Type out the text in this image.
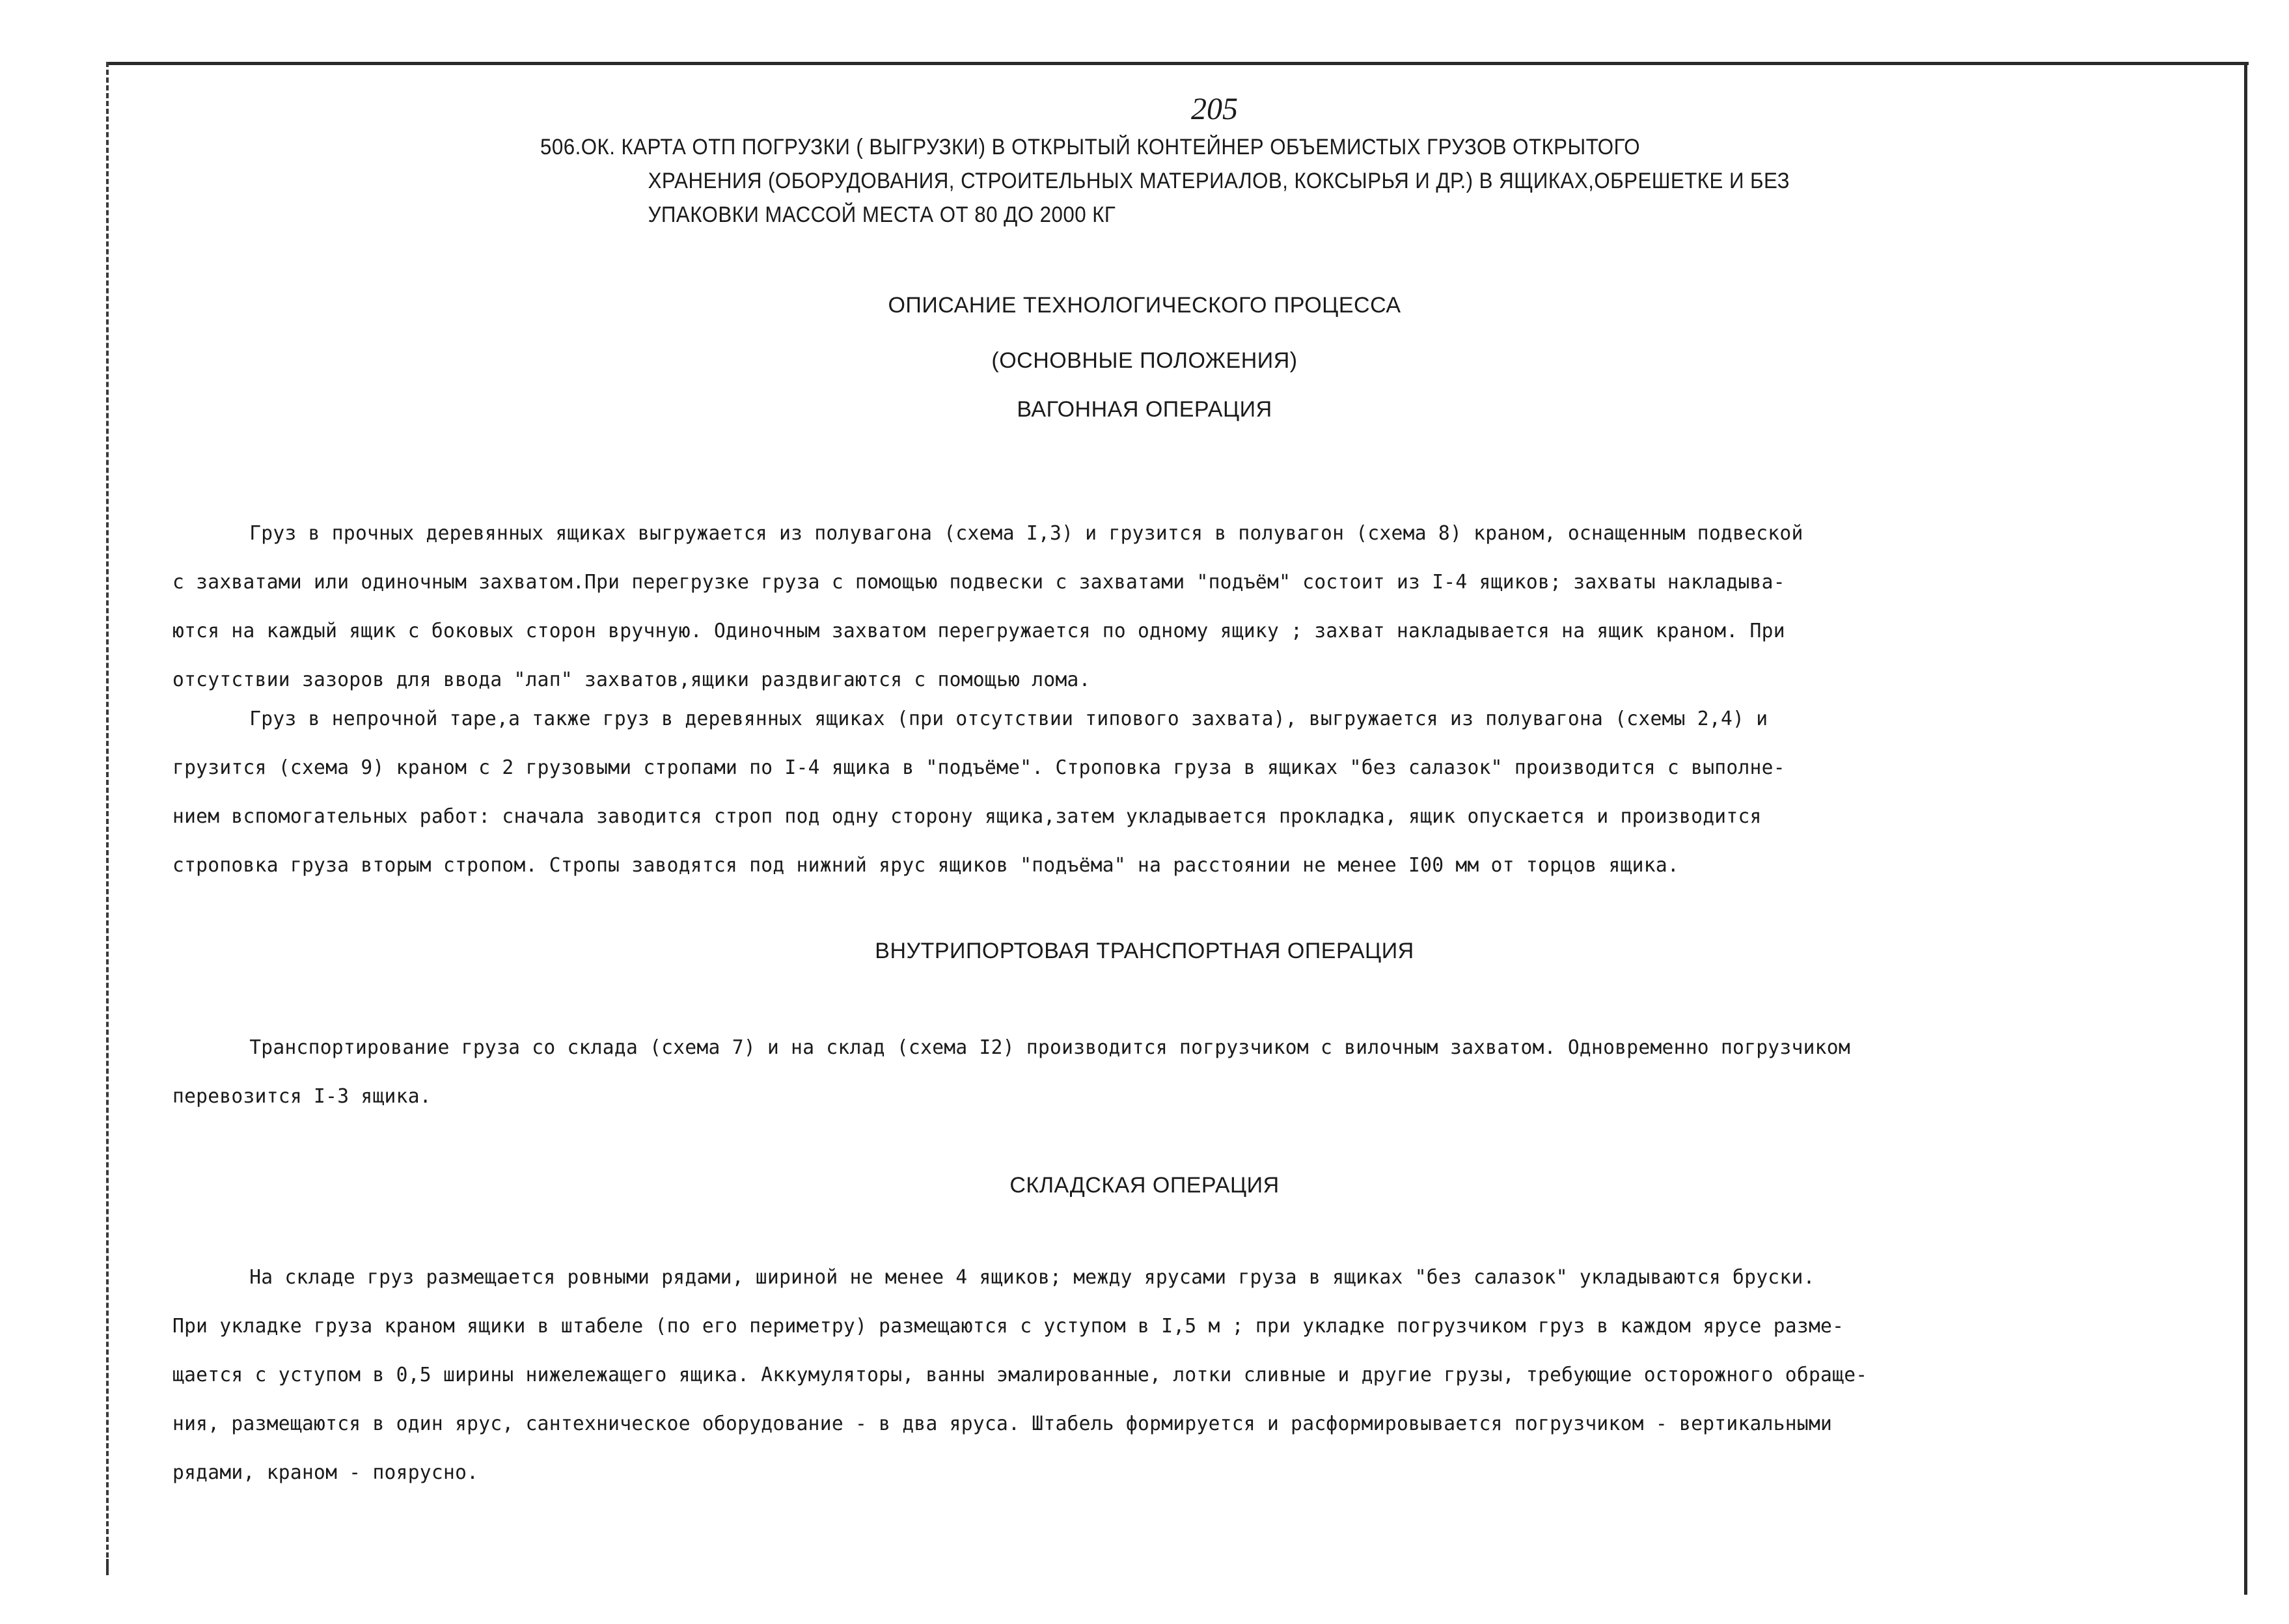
205
506.ОК. КАРТА ОТП ПОГРУЗКИ ( ВЫГРУЗКИ) В ОТКРЫТЫЙ КОНТЕЙНЕР ОБЪЕМИСТЫХ ГРУЗОВ ОТКРЫТОГО
ХРАНЕНИЯ (ОБОРУДОВАНИЯ, СТРОИТЕЛЬНЫХ МАТЕРИАЛОВ, КОКСЫРЬЯ И ДР.) В ЯЩИКАХ,ОБРЕШЕТКЕ И БЕЗ
УПАКОВКИ МАССОЙ МЕСТА ОТ 80 ДО 2000 КГ
ОПИСАНИЕ ТЕХНОЛОГИЧЕСКОГО ПРОЦЕССА
(ОСНОВНЫЕ ПОЛОЖЕНИЯ)
ВАГОННАЯ ОПЕРАЦИЯ
Груз в прочных деревянных ящиках выгружается из полувагона (схема I,3) и грузится в полувагон (схема 8) краном, оснащенным подвеской
с захватами или одиночным захватом.При перегрузке груза с помощью подвески с захватами "подъём" состоит из I-4 ящиков; захваты накладыва-
ются на каждый ящик с боковых сторон вручную. Одиночным захватом перегружается по одному ящику ; захват накладывается на ящик краном. При
отсутствии зазоров для ввода "лап" захватов,ящики раздвигаются с помощью лома.
Груз в непрочной таре,а также груз в деревянных ящиках (при отсутствии типового захвата), выгружается из полувагона (схемы 2,4) и
грузится (схема 9) краном с 2 грузовыми стропами по I-4 ящика в "подъёме". Строповка груза в ящиках "без салазок" производится с выполне-
нием вспомогательных работ: сначала заводится строп под одну сторону ящика,затем укладывается прокладка, ящик опускается и производится
строповка груза вторым стропом. Стропы заводятся под нижний ярус ящиков "подъёма" на расстоянии не менее I00 мм от торцов ящика.
ВНУТРИПОРТОВАЯ ТРАНСПОРТНАЯ ОПЕРАЦИЯ
Транспортирование груза со склада (схема 7) и на склад (схема I2) производится погрузчиком с вилочным захватом. Одновременно погрузчиком
перевозится I-3 ящика.
СКЛАДСКАЯ ОПЕРАЦИЯ
На складе груз размещается ровными рядами, шириной не менее 4 ящиков; между ярусами груза в ящиках "без салазок" укладываются бруски.
При укладке груза краном ящики в штабеле (по его периметру) размещаются с уступом в I,5 м ; при укладке погрузчиком груз в каждом ярусе разме-
щается с уступом в 0,5 ширины нижележащего ящика. Аккумуляторы, ванны эмалированные, лотки сливные и другие грузы, требующие осторожного обраще-
ния, размещаются в один ярус, сантехническое оборудование - в два яруса. Штабель формируется и расформировывается погрузчиком - вертикальными
рядами, краном - поярусно.
